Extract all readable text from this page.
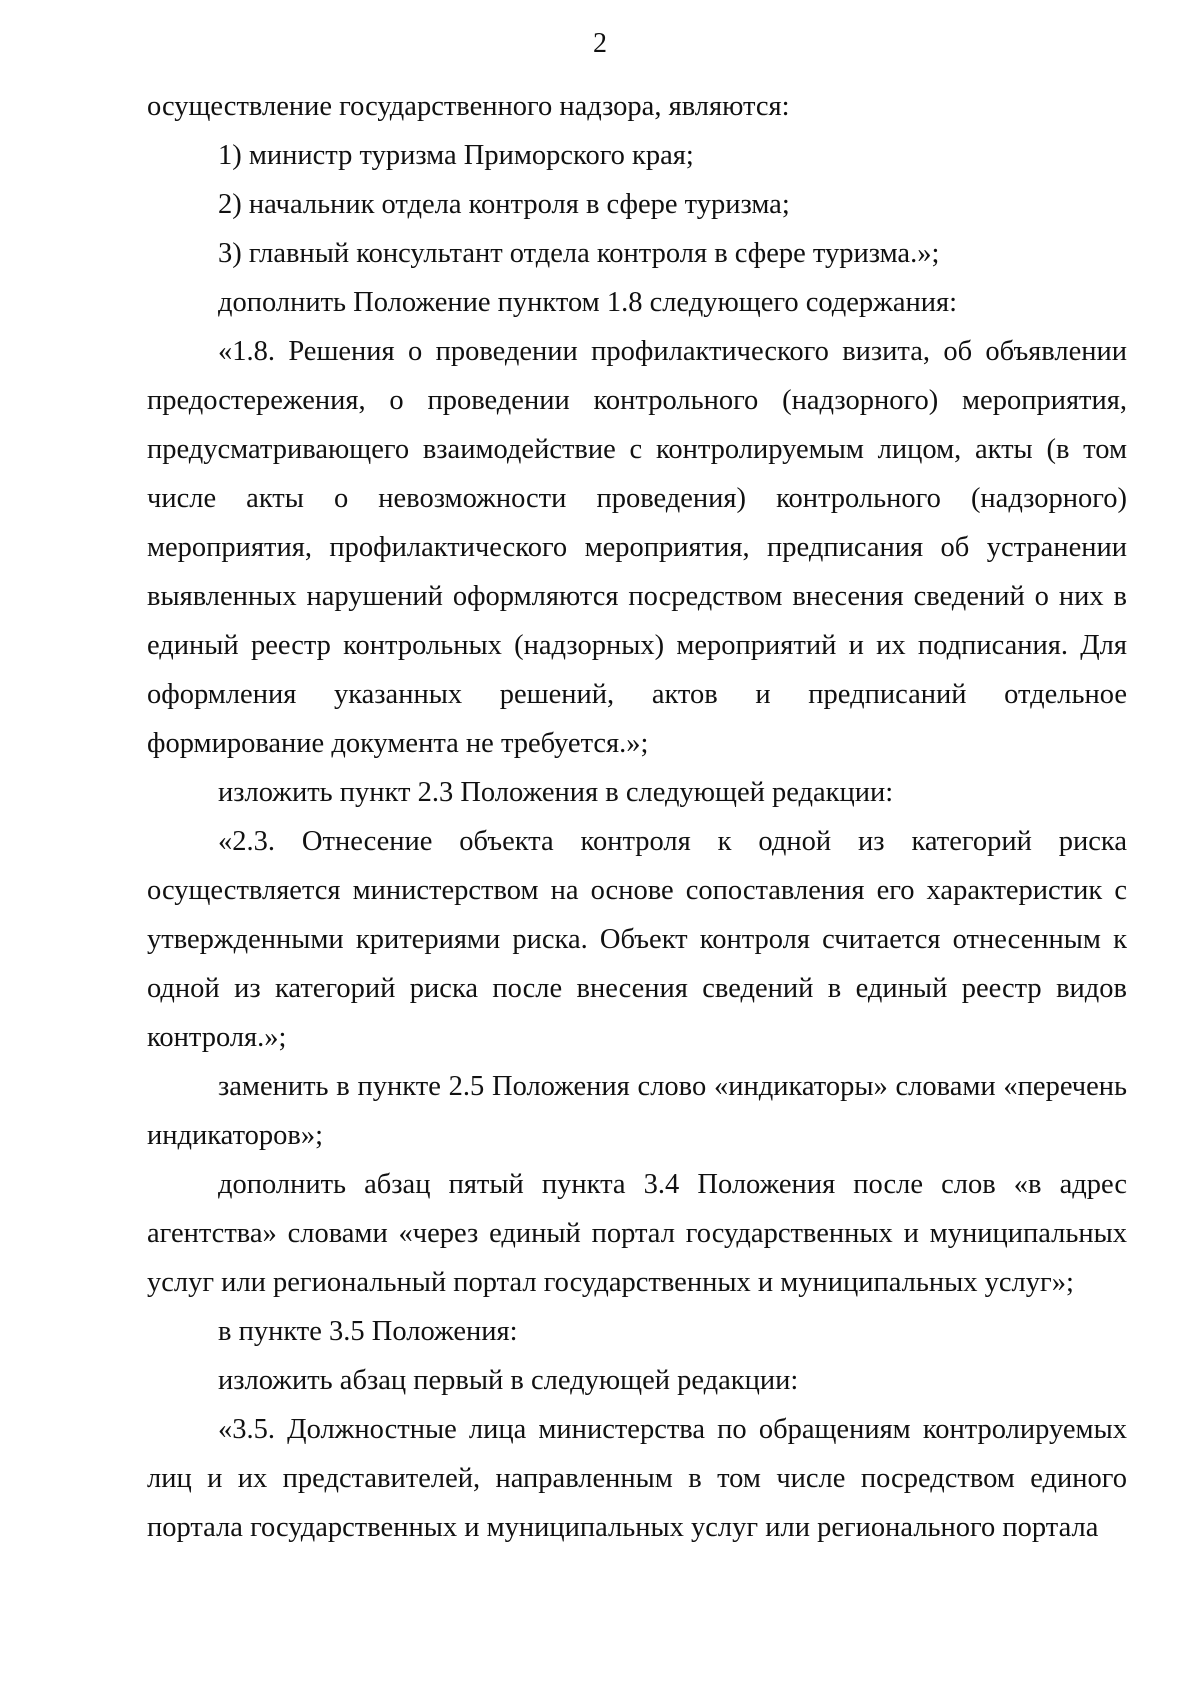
2

осуществление государственного надзора, являются:

1) министр туризма Приморского края;

2) начальник отдела контроля в сфере туризма;

3) главный консультант отдела контроля в сфере туризма.»;

дополнить Положение пунктом 1.8 следующего содержания:

«1.8. Решения о проведении профилактического визита, об объявлении предостережения, о проведении контрольного (надзорного) мероприятия, предусматривающего взаимодействие с контролируемым лицом, акты (в том числе акты о невозможности проведения) контрольного (надзорного) мероприятия, профилактического мероприятия, предписания об устранении выявленных нарушений оформляются посредством внесения сведений о них в единый реестр контрольных (надзорных) мероприятий и их подписания. Для оформления указанных решений, актов и предписаний отдельное формирование документа не требуется.»;

изложить пункт 2.3 Положения в следующей редакции:

«2.3. Отнесение объекта контроля к одной из категорий риска осуществляется министерством на основе сопоставления его характеристик с утвержденными критериями риска. Объект контроля считается отнесенным к одной из категорий риска после внесения сведений в единый реестр видов контроля.»;

заменить в пункте 2.5 Положения слово «индикаторы» словами «перечень индикаторов»;

дополнить абзац пятый пункта 3.4 Положения после слов «в адрес агентства» словами «через единый портал государственных и муниципальных услуг или региональный портал государственных и муниципальных услуг»;

в пункте 3.5 Положения:

изложить абзац первый в следующей редакции:

«3.5. Должностные лица министерства по обращениям контролируемых лиц и их представителей, направленным в том числе посредством единого портала государственных и муниципальных услуг или регионального портала
